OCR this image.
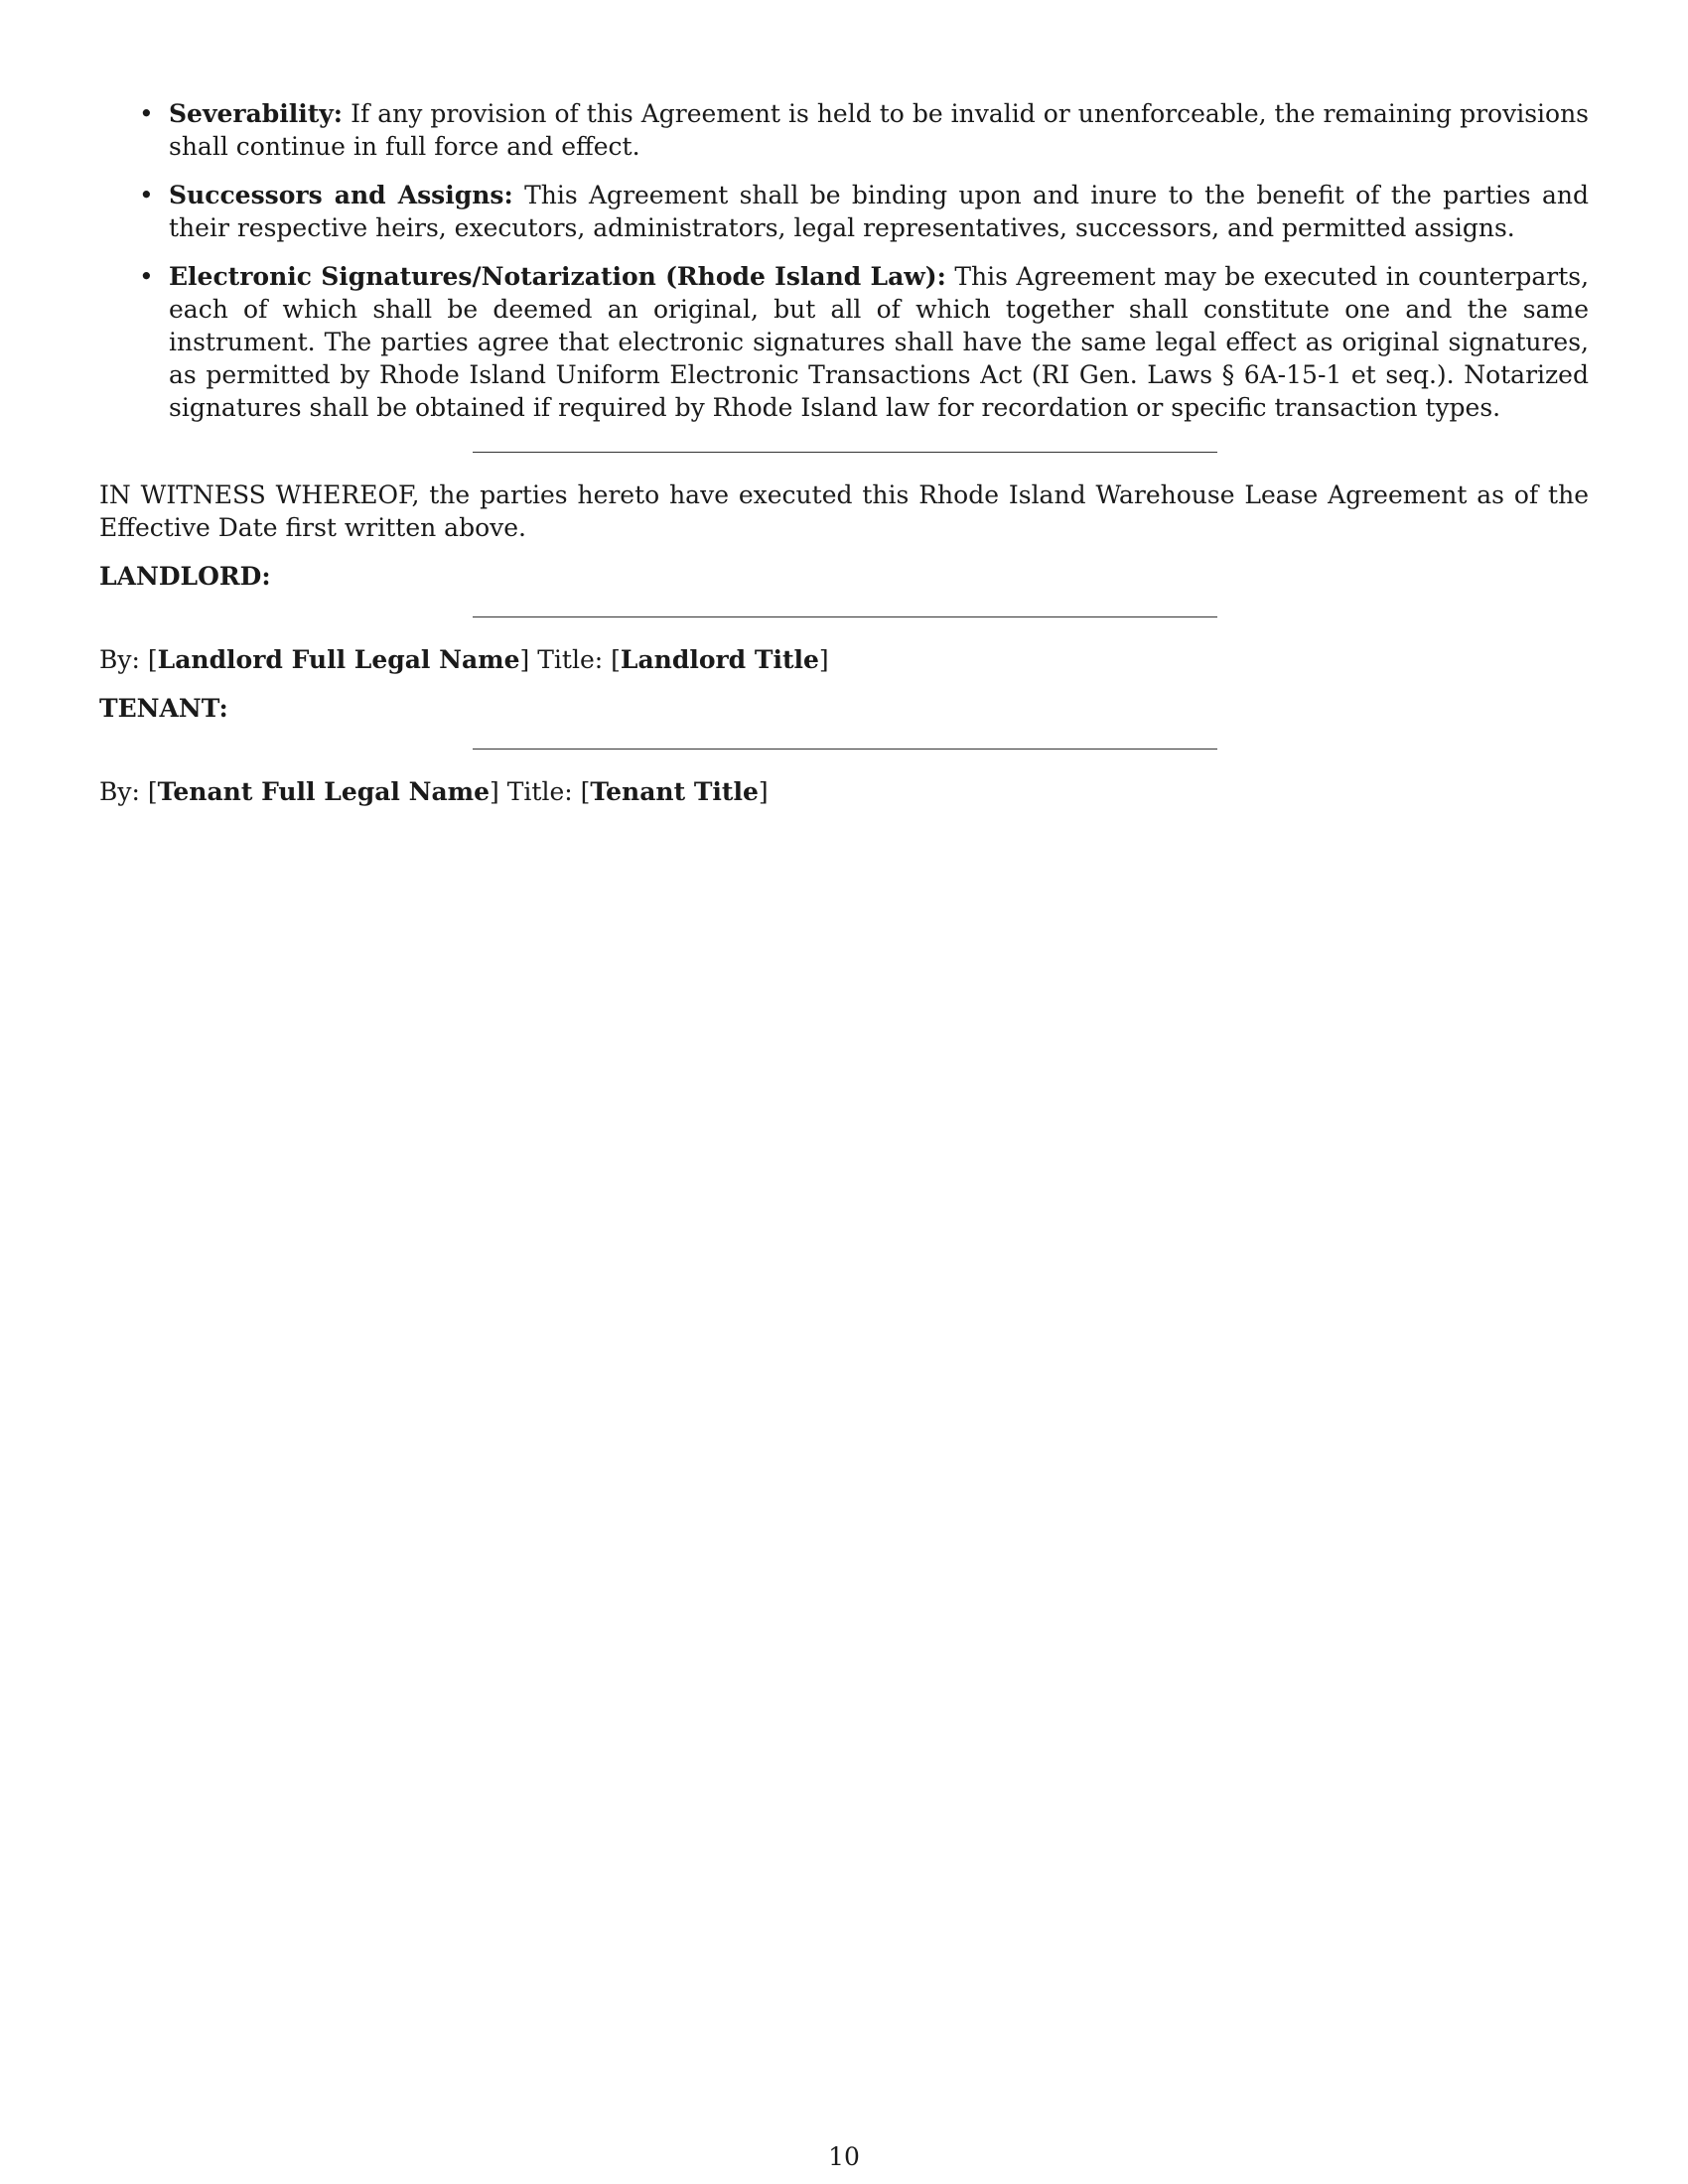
• Severability: If any provision of this Agreement is held to be invalid or unenforceable, the remaining provisions shall continue in full force and effect.
• Successors and Assigns: This Agreement shall be binding upon and inure to the benefit of the parties and their respective heirs, executors, administrators, legal representatives, successors, and permitted assigns.
• Electronic Signatures/Notarization (Rhode Island Law): This Agreement may be executed in counterparts, each of which shall be deemed an original, but all of which together shall constitute one and the same instrument. The parties agree that electronic signatures shall have the same legal effect as original signatures, as permitted by Rhode Island Uniform Electronic Transactions Act (RI Gen. Laws § 6A-15-1 et seq.). Notarized signatures shall be obtained if required by Rhode Island law for recordation or specific transaction types.

IN WITNESS WHEREOF, the parties hereto have executed this Rhode Island Warehouse Lease Agreement as of the Effective Date first written above.

LANDLORD:
By: [Landlord Full Legal Name] Title: [Landlord Title]
TENANT:
By: [Tenant Full Legal Name] Title: [Tenant Title]
10
